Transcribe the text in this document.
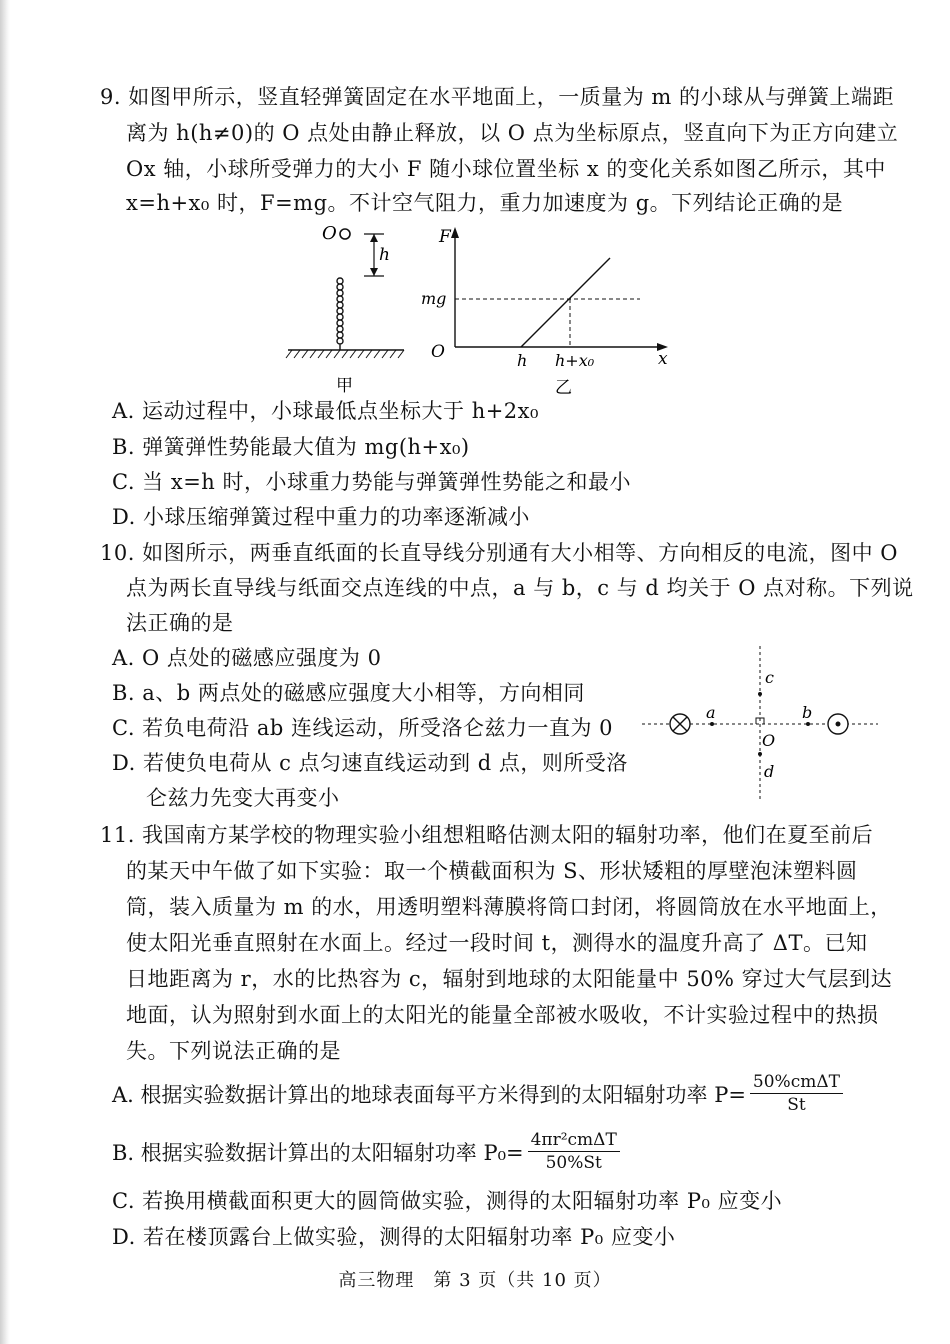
9. 如图甲所示，竖直轻弹簧固定在水平地面上，一质量为 m 的小球从与弹簧上端距
离为 h(h≠0)的 O 点处由静止释放，以 O 点为坐标原点，竖直向下为正方向建立
Ox 轴，小球所受弹力的大小 F 随小球位置坐标 x 的变化关系如图乙所示，其中
x=h+x₀ 时，F=mg。不计空气阻力，重力加速度为 g。下列结论正确的是
O
h
甲
F
x
O
mg
h h+x₀
乙
A. 运动过程中，小球最低点坐标大于 h+2x₀
B. 弹簧弹性势能最大值为 mg(h+x₀)
C. 当 x=h 时，小球重力势能与弹簧弹性势能之和最小
D. 小球压缩弹簧过程中重力的功率逐渐减小
10. 如图所示，两垂直纸面的长直导线分别通有大小相等、方向相反的电流，图中 O
点为两长直导线与纸面交点连线的中点，a 与 b，c 与 d 均关于 O 点对称。下列说
法正确的是
A. O 点处的磁感应强度为 0
B. a、b 两点处的磁感应强度大小相等，方向相同
C. 若负电荷沿 ab 连线运动，所受洛仑兹力一直为 0
D. 若使负电荷从 c 点匀速直线运动到 d 点，则所受洛
仑兹力先变大再变小
a	b
c
d
O
11. 我国南方某学校的物理实验小组想粗略估测太阳的辐射功率，他们在夏至前后
的某天中午做了如下实验：取一个横截面积为 S、形状矮粗的厚壁泡沫塑料圆
筒，装入质量为 m 的水，用透明塑料薄膜将筒口封闭，将圆筒放在水平地面上，
使太阳光垂直照射在水面上。经过一段时间 t，测得水的温度升高了 ΔT。已知
日地距离为 r，水的比热容为 c，辐射到地球的太阳能量中 50% 穿过大气层到达
地面，认为照射到水面上的太阳光的能量全部被水吸收，不计实验过程中的热损
失。下列说法正确的是
A. 根据实验数据计算出的地球表面每平方米得到的太阳辐射功率 $P= \frac{\text{50\%cmΔT}}{St}$
B. 根据实验数据计算出的太阳辐射功率 $P_0= \frac{\text{4πr²cmΔT}}{50\%St}$
C. 若换用横截面积更大的圆筒做实验，测得的太阳辐射功率 P₀ 应变小
D. 若在楼顶露台上做实验，测得的太阳辐射功率 P₀ 应变小
高三物理　第 3 页（共 10 页）
